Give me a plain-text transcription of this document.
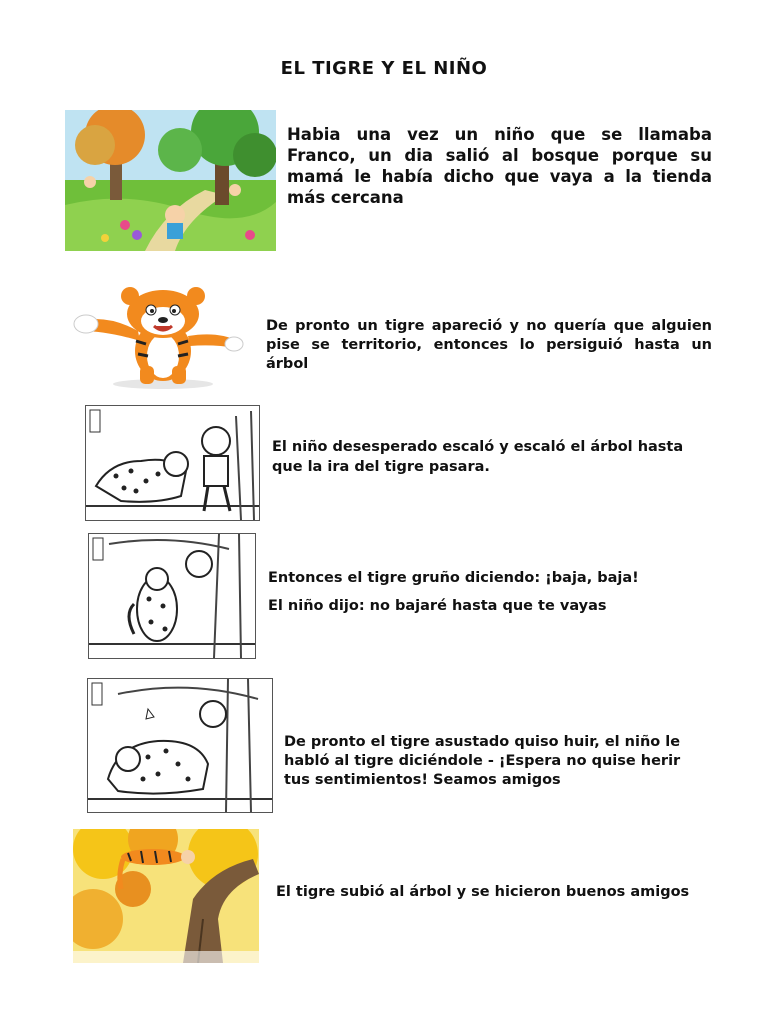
EL TIGRE Y EL NIÑO
Habia una vez un niño que se llamaba Franco, un dia salió al bosque porque su mamá le había dicho que vaya a la tienda más cercana
De pronto un tigre apareció y no quería que alguien pise se territorio, entonces lo persiguió hasta un árbol
El niño desesperado escaló y escaló el árbol hasta
que la ira del tigre pasara.
Entonces el tigre gruño diciendo: ¡baja, baja!
El niño dijo: no bajaré hasta que te vayas
De pronto el tigre asustado quiso huir, el niño le
habló al tigre diciéndole - ¡Espera no quise herir
tus sentimientos! Seamos amigos
El tigre subió al árbol y se hicieron buenos amigos
